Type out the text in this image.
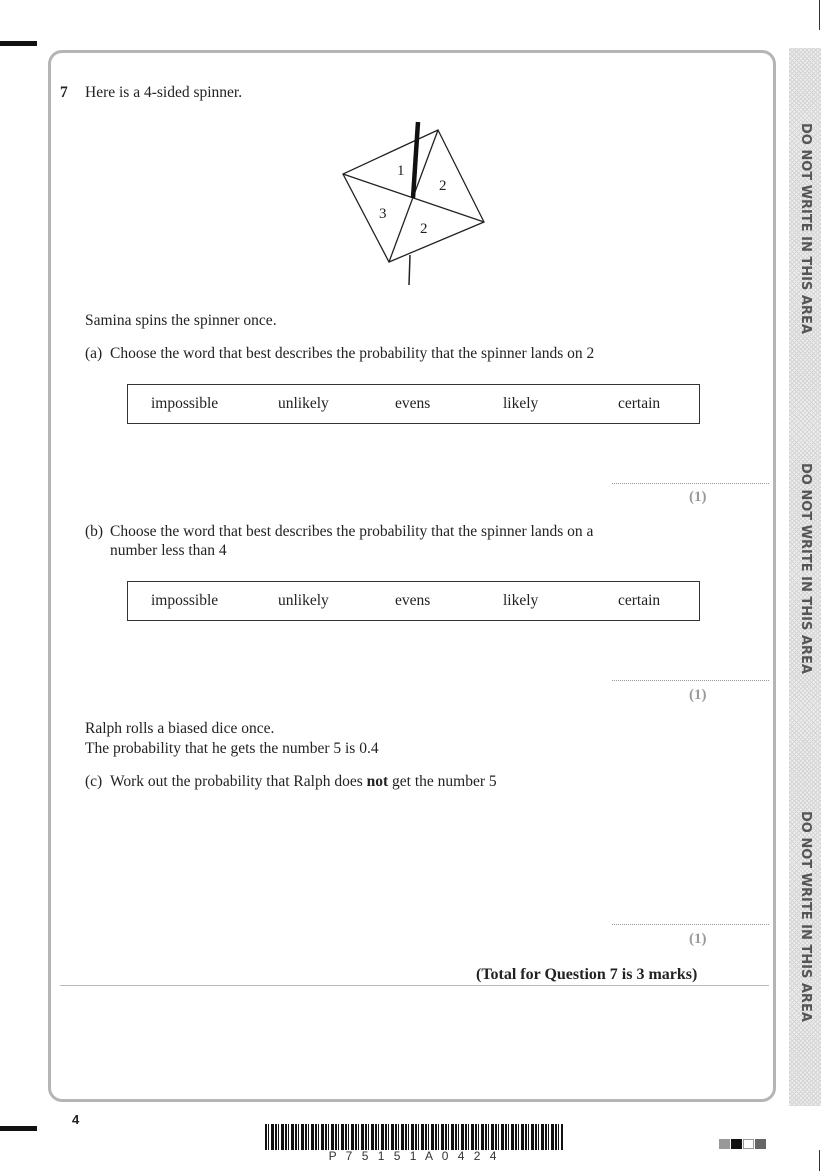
DO NOT WRITE IN THIS AREA
DO NOT WRITE IN THIS AREA
DO NOT WRITE IN THIS AREA
7 Here is a 4-sided spinner.
1
2
3
2
Samina spins the spinner once.
(a) Choose the word that best describes the probability that the spinner lands on 2
impossible	unlikely	evens	likely	certain
(1)
(b) Choose the word that best describes the probability that the spinner lands on a
number less than 4
impossible	unlikely	evens	likely	certain
(1)
Ralph rolls a biased dice once.
The probability that he gets the number 5 is 0.4
(c) Work out the probability that Ralph does not get the number 5
(1)
(Total for Question 7 is 3 marks)
4
P 7 5 1 5 1 A 0 4 2 4
